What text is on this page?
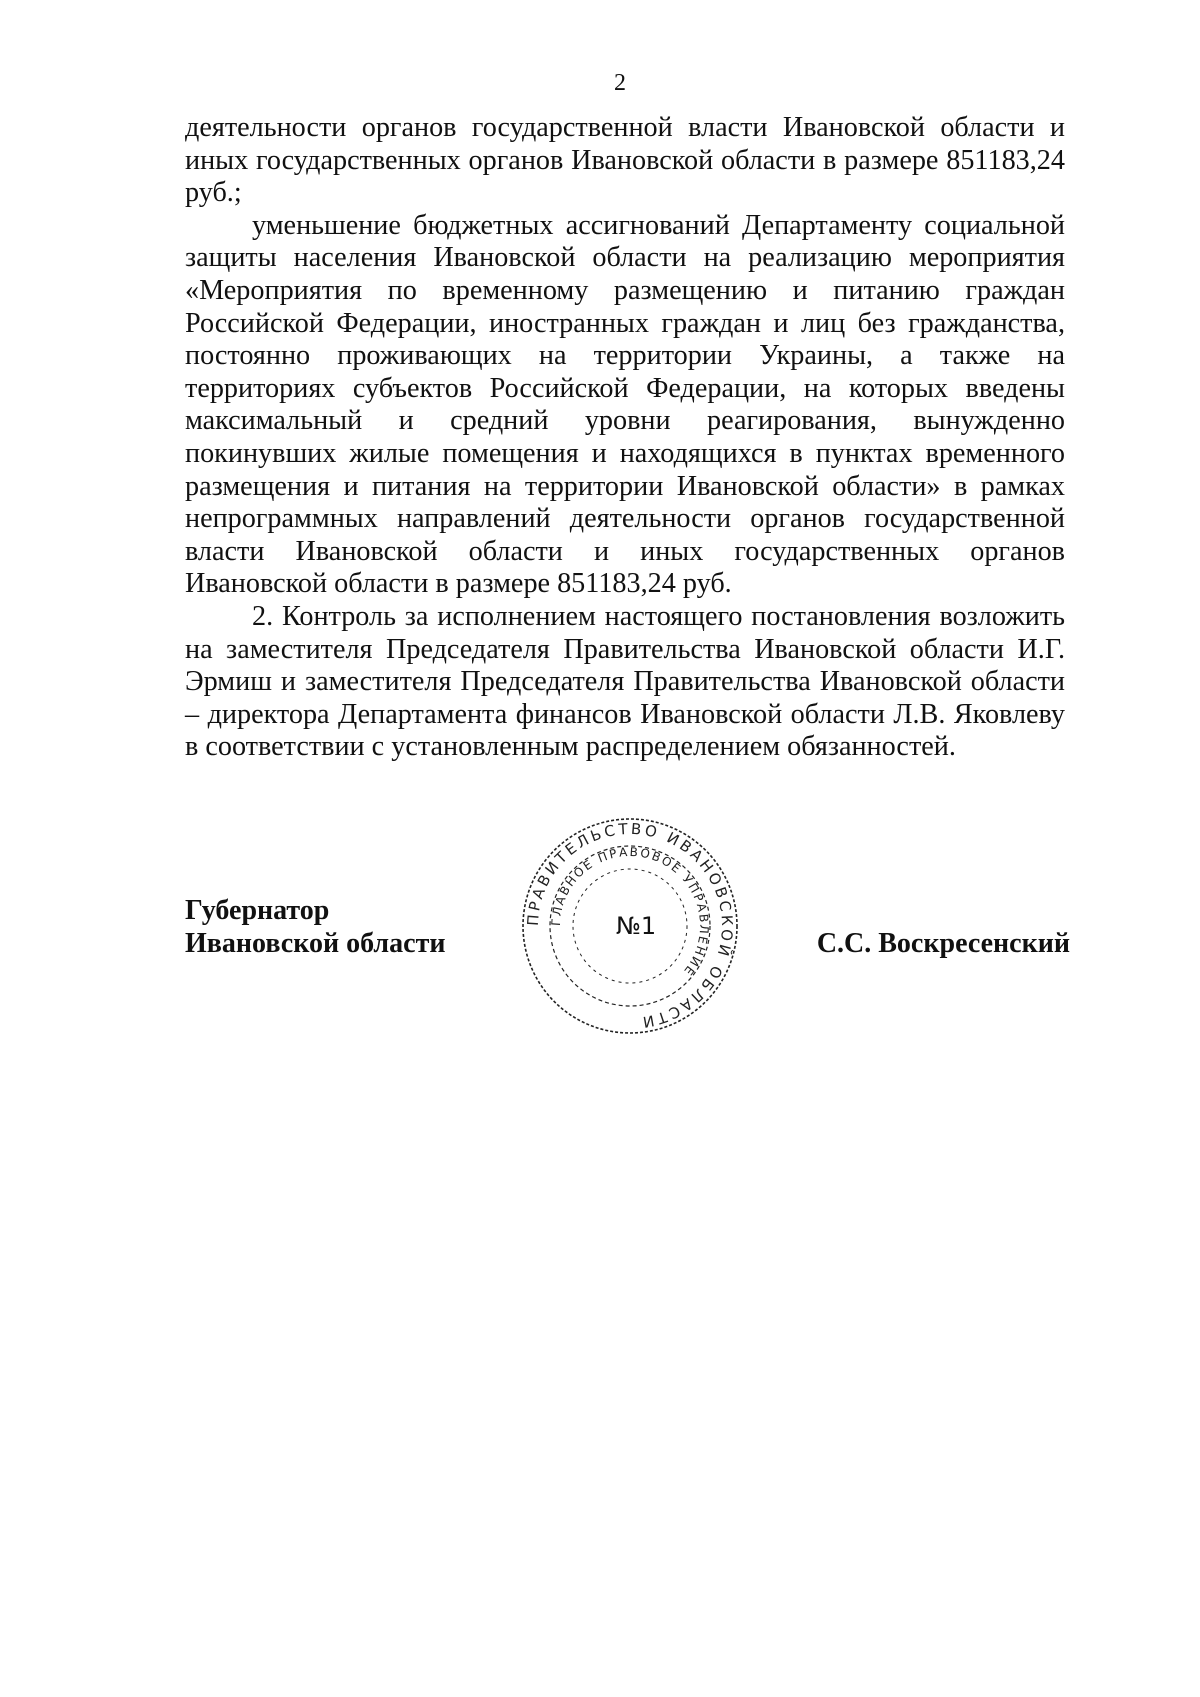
2

деятельности органов государственной власти Ивановской области и иных государственных органов Ивановской области в размере 851183,24 руб.;

уменьшение бюджетных ассигнований Департаменту социальной защиты населения Ивановской области на реализацию мероприятия «Мероприятия по временному размещению и питанию граждан Российской Федерации, иностранных граждан и лиц без гражданства, постоянно проживающих на территории Украины, а также на территориях субъектов Российской Федерации, на которых введены максимальный и средний уровни реагирования, вынужденно покинувших жилые помещения и находящихся в пунктах временного размещения и питания на территории Ивановской области» в рамках непрограммных направлений деятельности органов государственной власти Ивановской области и иных государственных органов Ивановской области в размере 851183,24 руб.

2. Контроль за исполнением настоящего постановления возложить на заместителя Председателя Правительства Ивановской области И.Г. Эрмиш и заместителя Председателя Правительства Ивановской области – директора Департамента финансов Ивановской области Л.В. Яковлеву в соответствии с установленным распределением обязанностей.

Губернатор
Ивановской области	С.С. Воскресенский
ПРАВИТЕЛЬСТВО ИВАНОВСКОЙ ОБЛАСТИ
ГЛАВНОЕ ПРАВОВОЕ УПРАВЛЕНИЕ
№1
